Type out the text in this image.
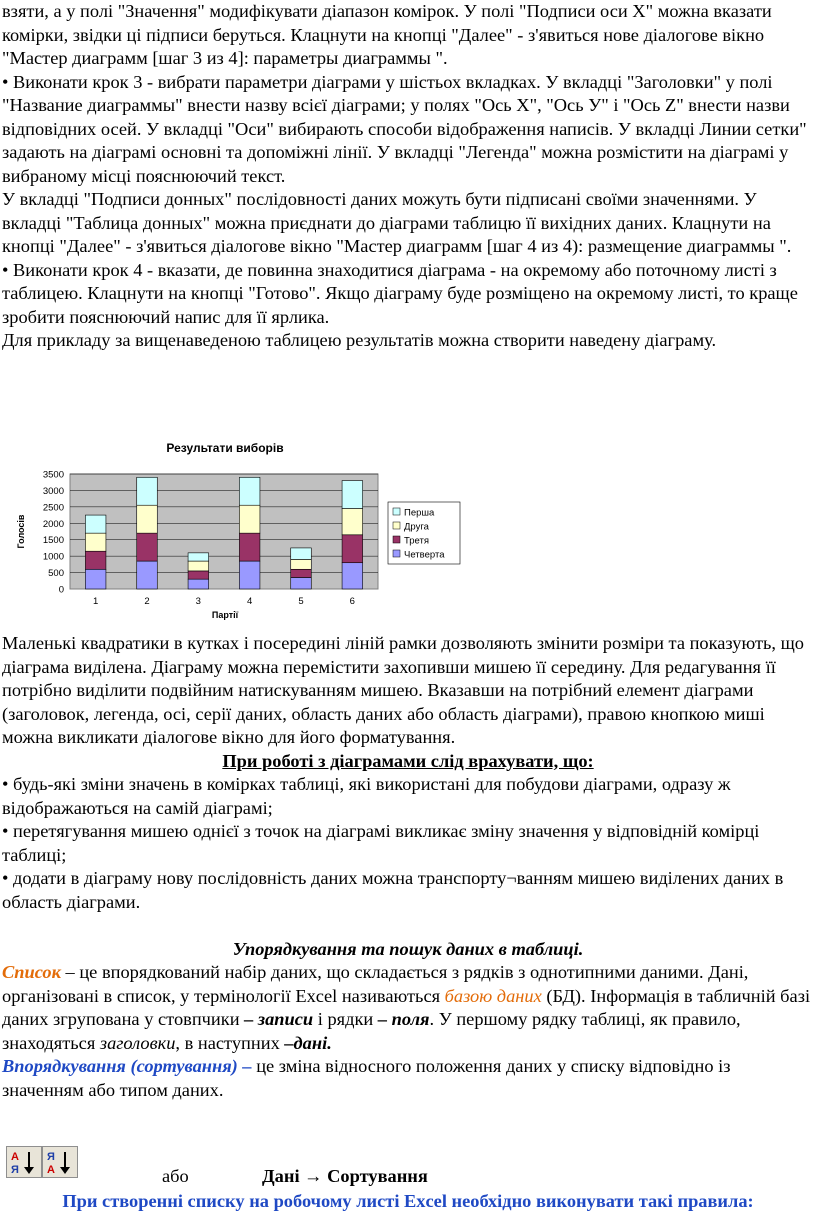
взяти, а у полі "Значення" модифікувати діапазон комірок. У полі "Подписи оси X" можна вказати комірки, звідки ці підписи беруться. Клацнути на кнопці "Далее" - з'явиться нове діалогове вікно "Мастер диаграмм [шаг 3 из 4]: параметры диаграммы ".

• Виконати крок 3 - вибрати параметри діаграми у шістьох вкладках. У вкладці "Заголовки" у полі "Название диаграммы" внести назву всієї діаграми; у полях "Ось X", "Ось У" і "Ось Z" внести назви відповідних осей. У вкладці "Оси" вибирають способи відображення написів. У вкладці Линии сетки" задають на діаграмі основні та допоміжні лінії. У вкладці "Легенда" можна розмістити на діаграмі у вибраному місці пояснюючий текст.

У вкладці "Подписи донных" послідовності даних можуть бути підписані своїми значеннями. У вкладці "Таблица донных" можна приєднати до діаграми таблицю її вихідних даних. Клацнути на кнопці "Далее" - з'явиться діалогове вікно "Мастер диаграмм [шаг 4 из 4): размещение диаграммы ".

• Виконати крок 4 - вказати, де повинна знаходитися діаграма - на окремому або поточному листі з таблицею. Клацнути на кнопці "Готово". Якщо діаграму буде розміщено на окремому листі, то краще зробити пояснюючий напис для її ярлика.

Для прикладу за вищенаведеною таблицею результатів можна створити наведену діаграму.

Результати виборів
0
500
1000
1500
2000
2500
3000
3500
1	2	3	4	5	6
Партії
Голосів
Перша
Друга
Третя
Четверта

Маленькі квадратики в кутках і посередині ліній рамки дозволяють змінити розміри та показують, що діаграма виділена. Діаграму можна перемістити захопивши мишею її середину. Для редагування її потрібно виділити подвійним натискуванням мишею. Вказавши на потрібний елемент діаграми (заголовок, легенда, осі, серії даних, область даних або область діаграми), правою кнопкою миші можна викликати діалогове вікно для його форматування.

При роботі з діаграмами слід врахувати, що:

• будь-які зміни значень в комірках таблиці, які використані для побудови діаграми, одразу ж відображаються на самій діаграмі;

• перетягування мишею однієї з точок на діаграмі викликає зміну значення у відповідній комірці таблиці;

• додати в діаграму нову послідовність даних можна транспорту¬ванням мишею виділених даних в область діаграми.

Упорядкування та пошук даних в таблиці.

Список – це впорядкований набір даних, що складається з рядків з однотипними даними. Дані, організовані в список, у термінології Excel називаються базою даних (БД). Інформація в табличній базі даних згрупована у стовпчики – записи і рядки – поля. У першому рядку таблиці, як правило, знаходяться заголовки, в наступних –дані.

Впорядкування (сортування) – це зміна відносного положення даних у списку відповідно із значенням або типом даних.

А
Я
Я
А	або	Дані → Сортування
При створенні списку на робочому листі Excel необхідно виконувати такі правила:
